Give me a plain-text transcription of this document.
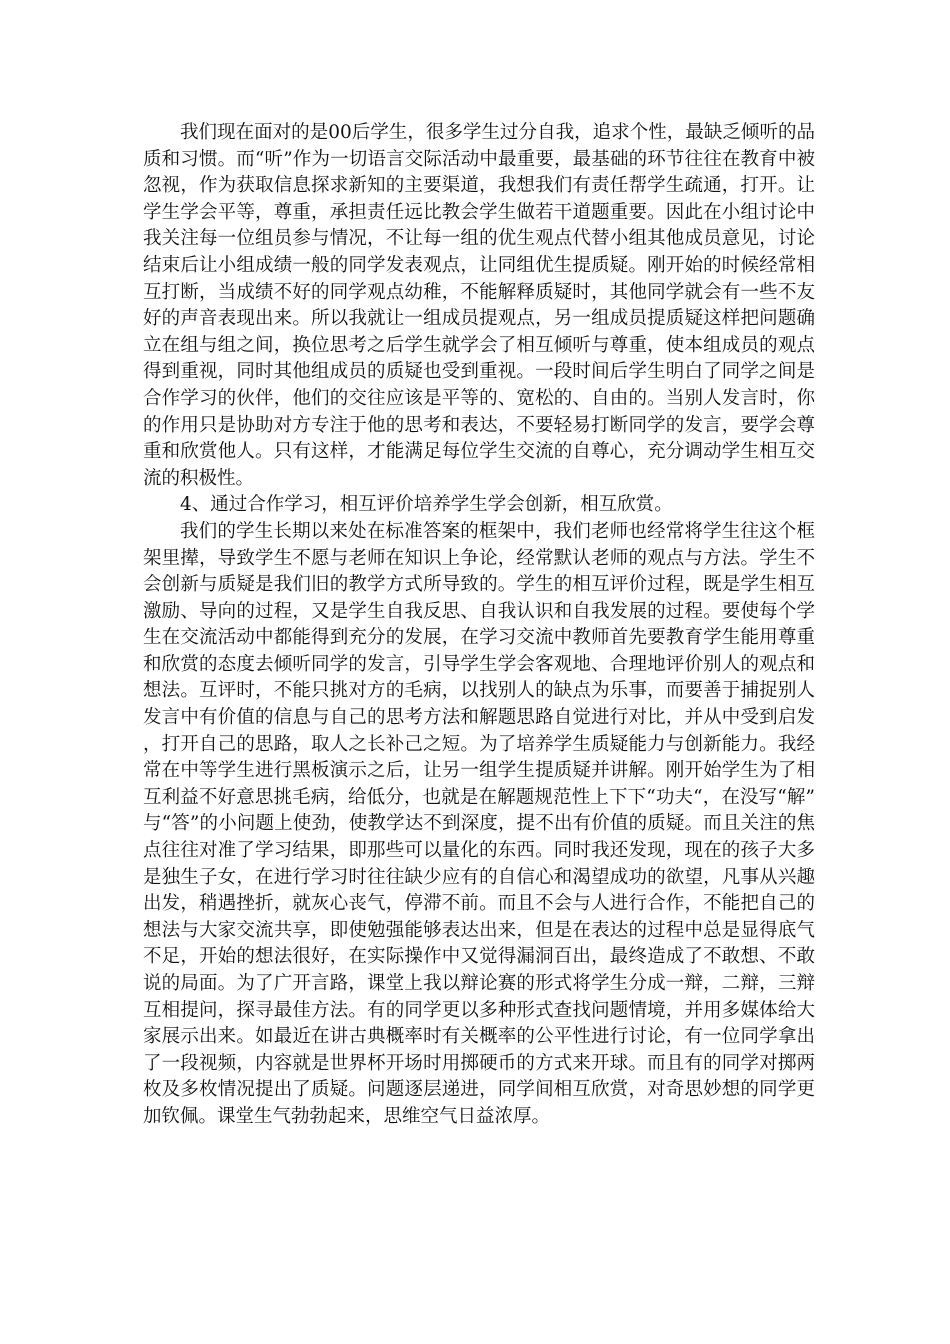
我们现在面对的是00后学生，很多学生过分自我，追求个性，最缺乏倾听的品质和习惯。而“听”作为一切语言交际活动中最重要，最基础的环节往往在教育中被忽视，作为获取信息探求新知的主要渠道，我想我们有责任帮学生疏通，打开。让学生学会平等，尊重，承担责任远比教会学生做若干道题重要。因此在小组讨论中我关注每一位组员参与情况，不让每一组的优生观点代替小组其他成员意见，讨论结束后让小组成绩一般的同学发表观点，让同组优生提质疑。刚开始的时候经常相互打断，当成绩不好的同学观点幼稚，不能解释质疑时，其他同学就会有一些不友好的声音表现出来。所以我就让一组成员提观点，另一组成员提质疑这样把问题确立在组与组之间，换位思考之后学生就学会了相互倾听与尊重，使本组成员的观点得到重视，同时其他组成员的质疑也受到重视。一段时间后学生明白了同学之间是合作学习的伙伴，他们的交往应该是平等的、宽松的、自由的。当别人发言时，你的作用只是协助对方专注于他的思考和表达，不要轻易打断同学的发言，要学会尊重和欣赏他人。只有这样，才能满足每位学生交流的自尊心，充分调动学生相互交流的积极性。

4、通过合作学习，相互评价培养学生学会创新，相互欣赏。

我们的学生长期以来处在标准答案的框架中，我们老师也经常将学生往这个框架里撵，导致学生不愿与老师在知识上争论，经常默认老师的观点与方法。学生不会创新与质疑是我们旧的教学方式所导致的。学生的相互评价过程，既是学生相互激励、导向的过程，又是学生自我反思、自我认识和自我发展的过程。要使每个学生在交流活动中都能得到充分的发展，在学习交流中教师首先要教育学生能用尊重和欣赏的态度去倾听同学的发言，引导学生学会客观地、合理地评价别人的观点和想法。互评时，不能只挑对方的毛病，以找别人的缺点为乐事，而要善于捕捉别人发言中有价值的信息与自己的思考方法和解题思路自觉进行对比，并从中受到启发，打开自己的思路，取人之长补己之短。为了培养学生质疑能力与创新能力。我经常在中等学生进行黑板演示之后，让另一组学生提质疑并讲解。刚开始学生为了相互利益不好意思挑毛病，给低分，也就是在解题规范性上下下“功夫“，在没写“解”与“答”的小问题上使劲，使教学达不到深度，提不出有价值的质疑。而且关注的焦点往往对准了学习结果，即那些可以量化的东西。同时我还发现，现在的孩子大多是独生子女，在进行学习时往往缺少应有的自信心和渴望成功的欲望，凡事从兴趣出发，稍遇挫折，就灰心丧气，停滞不前。而且不会与人进行合作，不能把自己的想法与大家交流共享，即使勉强能够表达出来，但是在表达的过程中总是显得底气不足，开始的想法很好，在实际操作中又觉得漏洞百出，最终造成了不敢想、不敢说的局面。为了广开言路，课堂上我以辩论赛的形式将学生分成一辩，二辩，三辩互相提问，探寻最佳方法。有的同学更以多种形式查找问题情境，并用多媒体给大家展示出来。如最近在讲古典概率时有关概率的公平性进行讨论，有一位同学拿出了一段视频，内容就是世界杯开场时用掷硬币的方式来开球。而且有的同学对掷两枚及多枚情况提出了质疑。问题逐层递进，同学间相互欣赏，对奇思妙想的同学更加钦佩。课堂生气勃勃起来，思维空气日益浓厚。
